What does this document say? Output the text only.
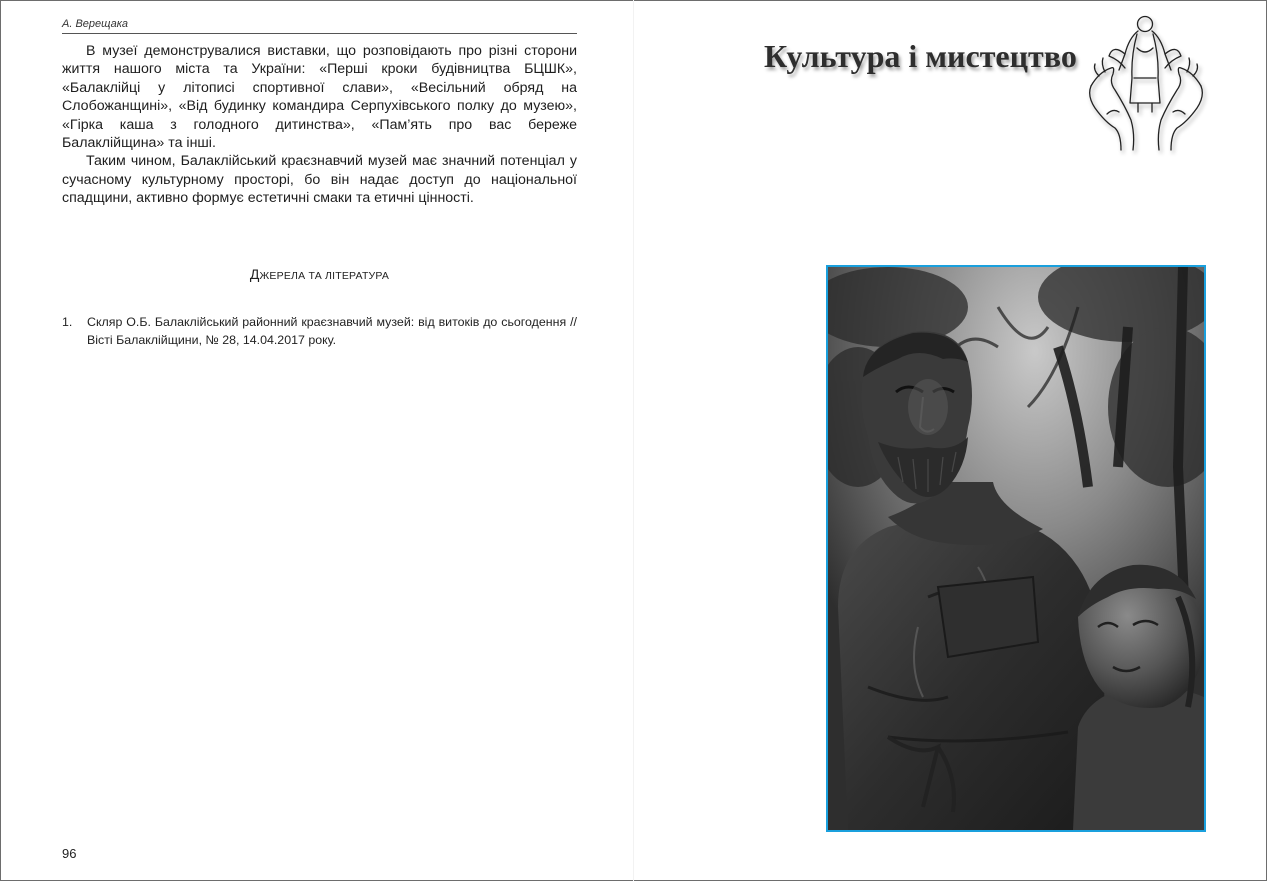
А. Верещака

В музеї демонструвалися виставки, що розповідають про різні сторони життя нашого міста та України: «Перші кроки будівництва БЦШК», «Балаклійці у літописі спортивної слави», «Весільний обряд на Слобожанщині», «Від будинку командира Серпухівського полку до музею», «Гірка каша з голодного дитинства», «Пам’ять про вас береже Балаклійщина» та інші.

Таким чином, Балаклійський краєзнавчий музей має значний потенціал у сучасному культурному просторі, бо він надає доступ до національної спадщини, активно формує естетичні смаки та етичні цінності.

ДЖЕРЕЛА ТА ЛІТЕРАТУРА
1.	Скляр О.Б. Балаклійський районний краєзнавчий музей: від витоків до сьогодення // Вісті Балаклійщини, № 28, 14.04.2017 року.
96
Культура і мистецтво
